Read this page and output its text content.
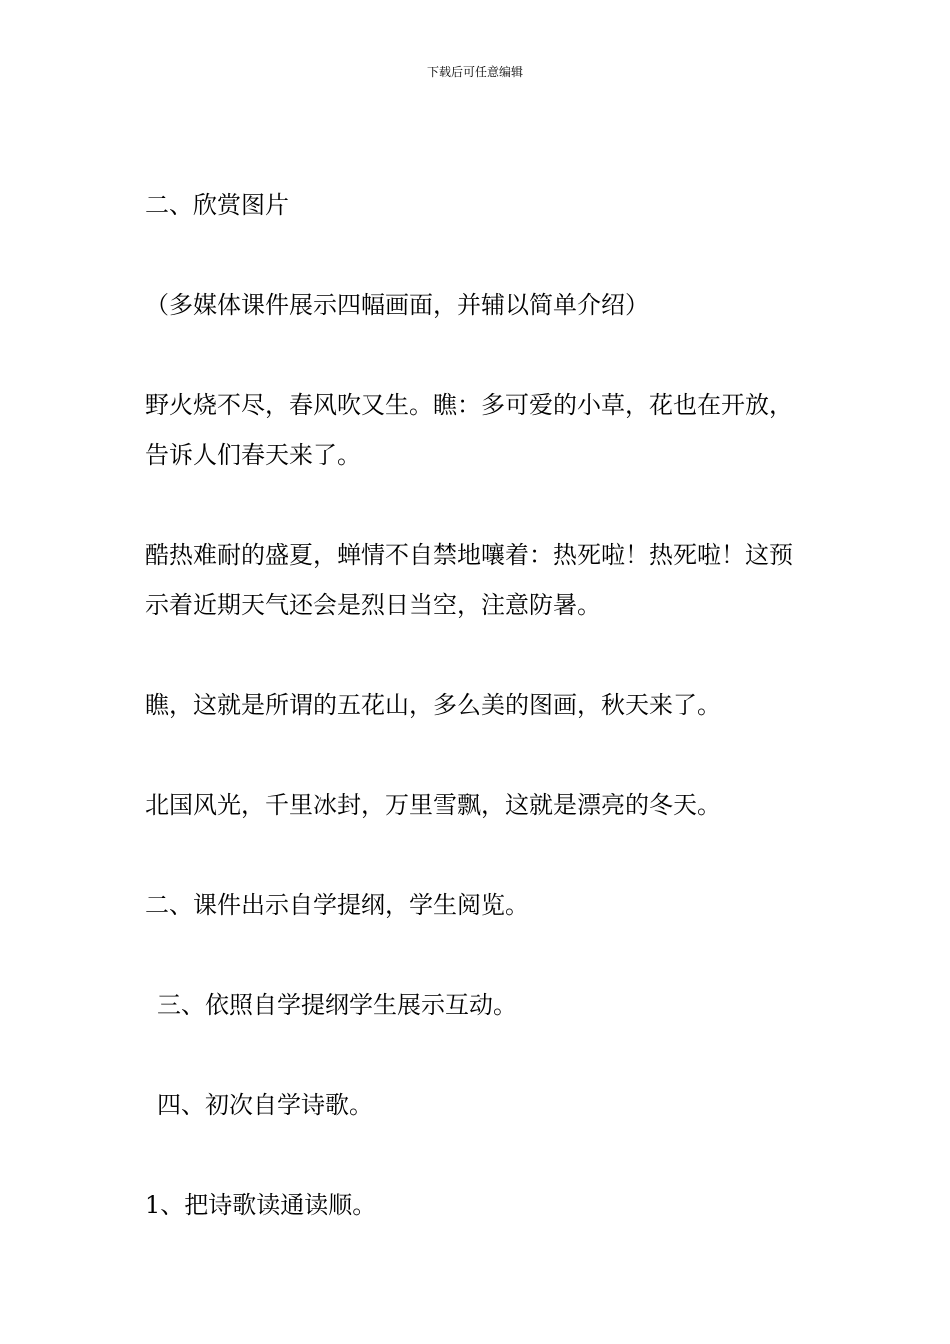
下载后可任意编辑

二、欣赏图片

（多媒体课件展示四幅画面，并辅以简单介绍）

野火烧不尽，春风吹又生。瞧：多可爱的小草，花也在开放，告诉人们春天来了。

酷热难耐的盛夏，蝉情不自禁地嚷着：热死啦！热死啦！这预示着近期天气还会是烈日当空，注意防暑。

瞧，这就是所谓的五花山，多么美的图画，秋天来了。

北国风光，千里冰封，万里雪飘，这就是漂亮的冬天。

二、课件出示自学提纲，学生阅览。

三、依照自学提纲学生展示互动。

四、初次自学诗歌。

1、把诗歌读通读顺。
